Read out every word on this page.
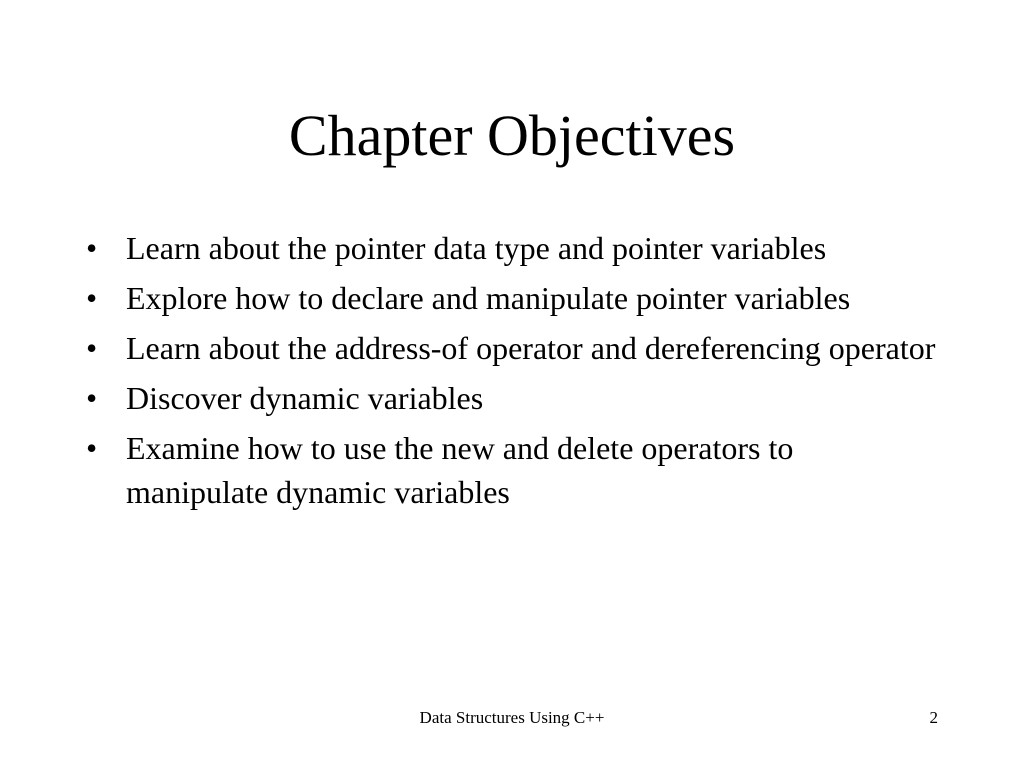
Chapter Objectives
• Learn about the pointer data type and pointer variables
• Explore how to declare and manipulate pointer variables
• Learn about the address-of operator and dereferencing operator
• Discover dynamic variables
• Examine how to use the new and delete operators to manipulate dynamic variables
Data Structures Using C++	2
